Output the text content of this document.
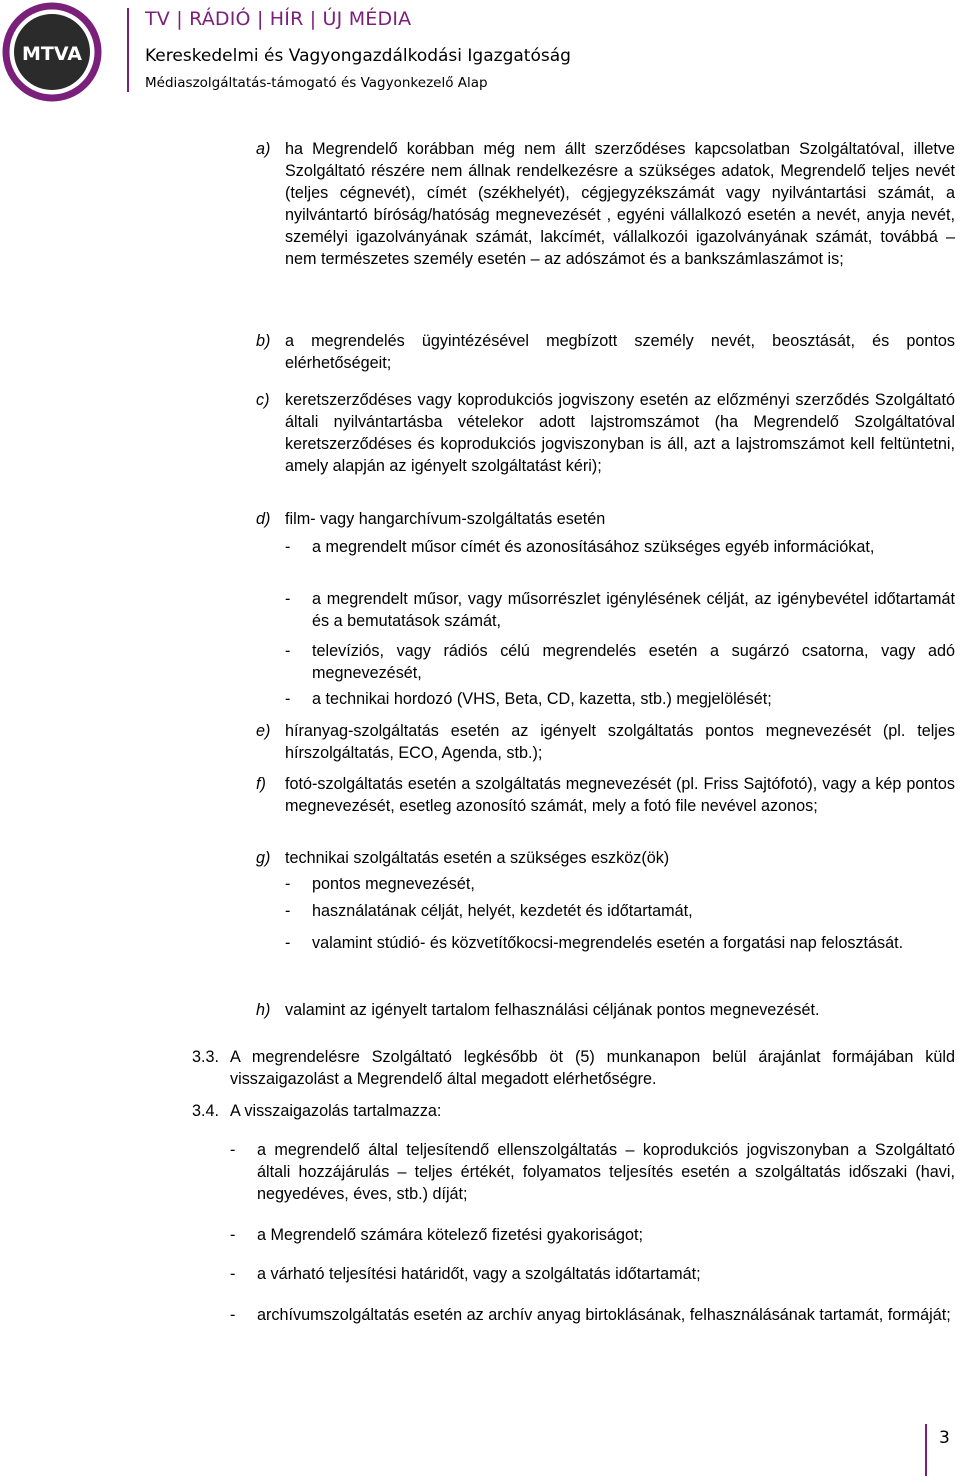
MTVA
TV | RÁDIÓ | HÍR | ÚJ MÉDIA
Kereskedelmi és Vagyongazdálkodási Igazgatóság
Médiaszolgáltatás-támogató és Vagyonkezelő Alap
a) ha Megrendelő korábban még nem állt szerződéses kapcsolatban Szolgáltatóval, illetve Szolgáltató részére nem állnak rendelkezésre a szükséges adatok, Megrendelő teljes nevét (teljes cégnevét), címét (székhelyét), cégjegyzékszámát vagy nyilvántartási számát, a nyilvántartó bíróság/hatóság megnevezését , egyéni vállalkozó esetén a nevét, anyja nevét, személyi igazolványának számát, lakcímét, vállalkozói igazolványának számát, továbbá – nem természetes személy esetén – az adószámot és a bankszámlaszámot is;
b) a megrendelés ügyintézésével megbízott személy nevét, beosztását, és pontos elérhetőségeit;
c) keretszerződéses vagy koprodukciós jogviszony esetén az előzményi szerződés Szolgáltató általi nyilvántartásba vételekor adott lajstromszámot (ha Megrendelő Szolgáltatóval keretszerződéses és koprodukciós jogviszonyban is áll, azt a lajstromszámot kell feltüntetni, amely alapján az igényelt szolgáltatást kéri);
d) film- vagy hangarchívum-szolgáltatás esetén
- a megrendelt műsor címét és azonosításához szükséges egyéb információkat,
- a megrendelt műsor, vagy műsorrészlet igénylésének célját, az igénybevétel időtartamát és a bemutatások számát,
- televíziós, vagy rádiós célú megrendelés esetén a sugárzó csatorna, vagy adó megnevezését,
- a technikai hordozó (VHS, Beta, CD, kazetta, stb.) megjelölését;
e) híranyag-szolgáltatás esetén az igényelt szolgáltatás pontos megnevezését (pl. teljes hírszolgáltatás, ECO, Agenda, stb.);
f) fotó-szolgáltatás esetén a szolgáltatás megnevezését (pl. Friss Sajtófotó), vagy a kép pontos megnevezését, esetleg azonosító számát, mely a fotó file nevével azonos;
g) technikai szolgáltatás esetén a szükséges eszköz(ök)
- pontos megnevezését,
- használatának célját, helyét, kezdetét és időtartamát,
- valamint stúdió- és közvetítőkocsi-megrendelés esetén a forgatási nap felosztását.
h) valamint az igényelt tartalom felhasználási céljának pontos megnevezését.
3.3. A megrendelésre Szolgáltató legkésőbb öt (5) munkanapon belül árajánlat formájában küld visszaigazolást a Megrendelő által megadott elérhetőségre.
3.4. A visszaigazolás tartalmazza:
- a megrendelő által teljesítendő ellenszolgáltatás – koprodukciós jogviszonyban a Szolgáltató általi hozzájárulás – teljes értékét, folyamatos teljesítés esetén a szolgáltatás időszaki (havi, negyedéves, éves, stb.) díját;
- a Megrendelő számára kötelező fizetési gyakoriságot;
- a várható teljesítési határidőt, vagy a szolgáltatás időtartamát;
- archívumszolgáltatás esetén az archív anyag birtoklásának, felhasználásának tartamát, formáját;
3
